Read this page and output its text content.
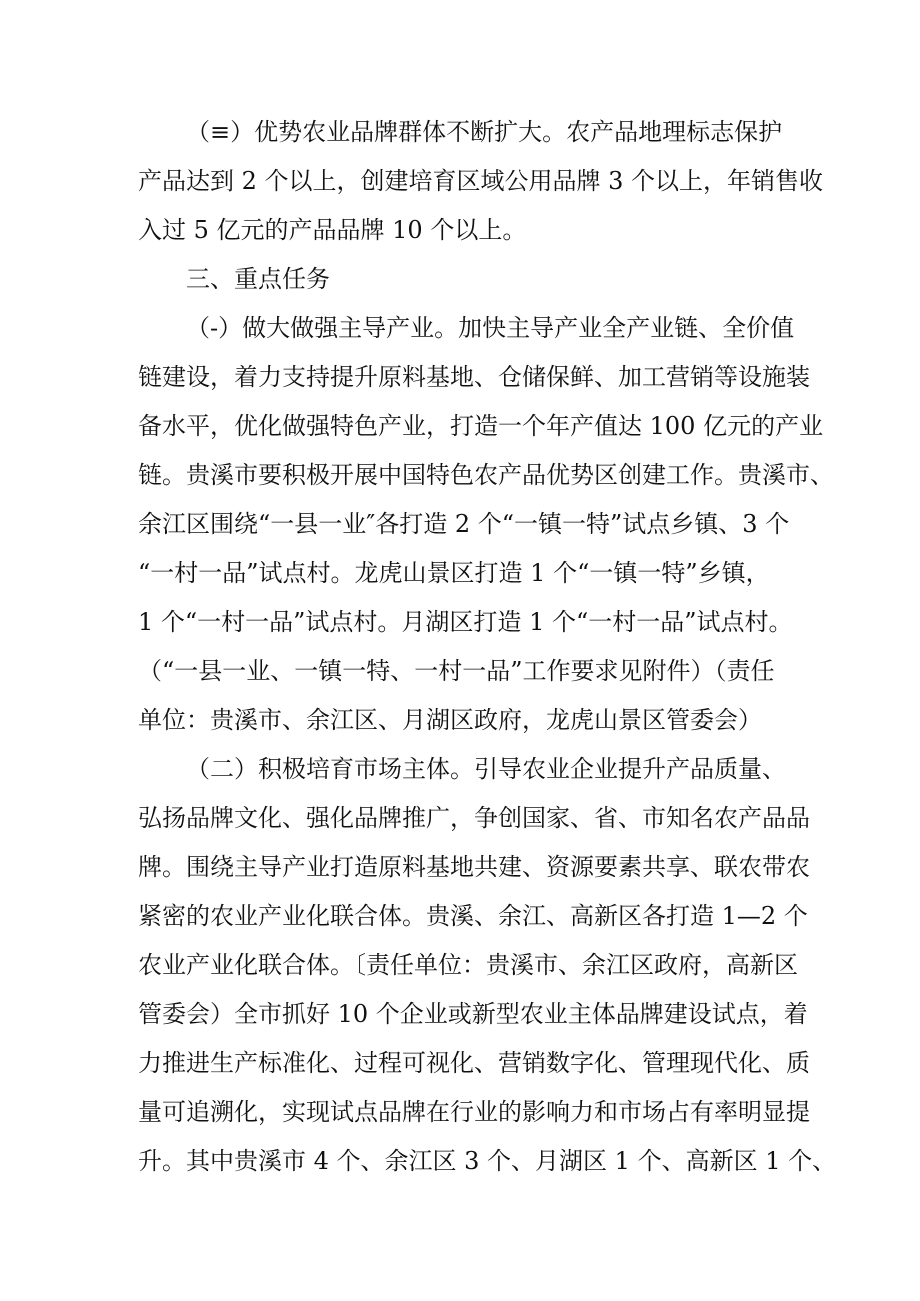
（≡）优势农业品牌群体不断扩大。农产品地理标志保护

产品达到 2 个以上，创建培育区域公用品牌 3 个以上，年销售收

入过 5 亿元的产品品牌 10 个以上。

三、重点任务

（-）做大做强主导产业。加快主导产业全产业链、全价值

链建设，着力支持提升原料基地、仓储保鲜、加工营销等设施装

备水平，优化做强特色产业，打造一个年产值达 100 亿元的产业

链。贵溪市要积极开展中国特色农产品优势区创建工作。贵溪市、

余江区围绕“一县一业″各打造 2 个“一镇一特”试点乡镇、3 个

“一村一品”试点村。龙虎山景区打造 1 个“一镇一特”乡镇，

1 个“一村一品”试点村。月湖区打造 1 个“一村一品”试点村。

（“一县一业、一镇一特、一村一品”工作要求见附件）（责任

单位：贵溪市、余江区、月湖区政府，龙虎山景区管委会）

（二）积极培育市场主体。引导农业企业提升产品质量、

弘扬品牌文化、强化品牌推广，争创国家、省、市知名农产品品

牌。围绕主导产业打造原料基地共建、资源要素共享、联农带农

紧密的农业产业化联合体。贵溪、余江、高新区各打造 1—2 个

农业产业化联合体。〔责任单位：贵溪市、余江区政府，高新区

管委会）全市抓好 10 个企业或新型农业主体品牌建设试点，着

力推进生产标准化、过程可视化、营销数字化、管理现代化、质

量可追溯化，实现试点品牌在行业的影响力和市场占有率明显提

升。其中贵溪市 4 个、余江区 3 个、月湖区 1 个、高新区 1 个、
